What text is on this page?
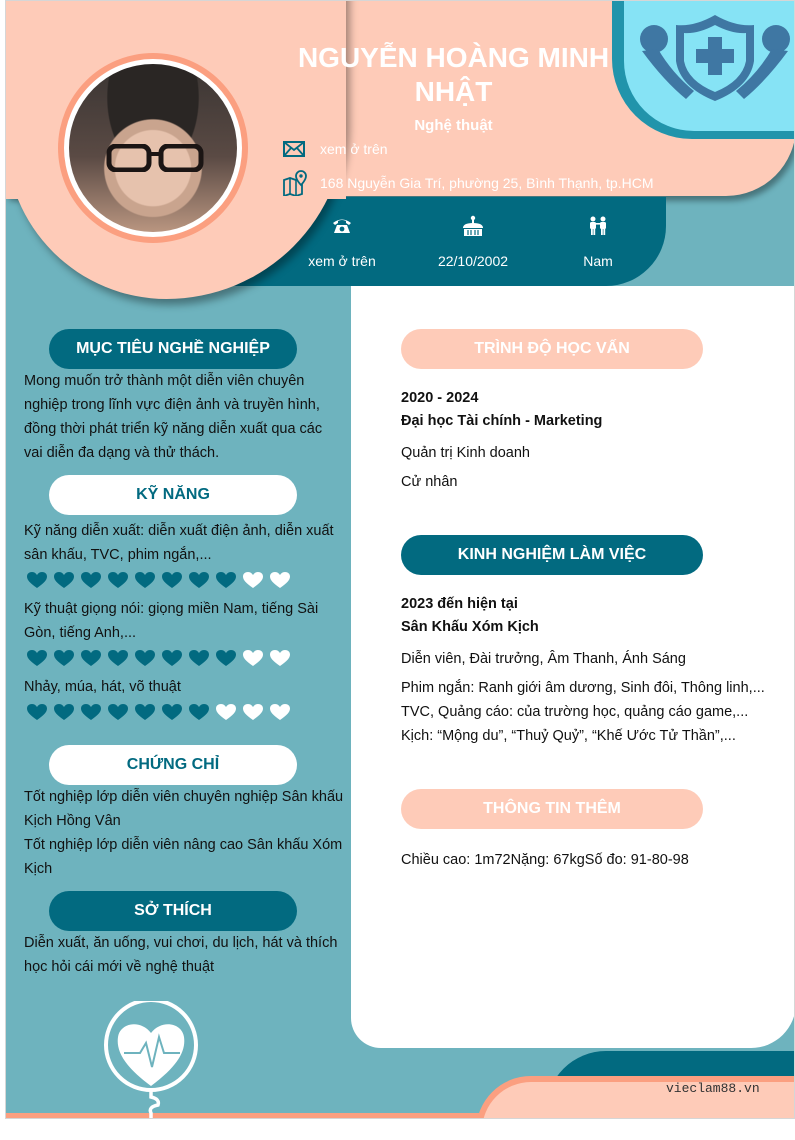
NGUYỄN HOÀNG MINH NHẬT
Nghệ thuật
xem ở trên
168 Nguyễn Gia Trí, phường 25, Bình Thạnh, tp.HCM
xem ở trên	22/10/2002	Nam
MỤC TIÊU NGHỀ NGHIỆP
Mong muốn trở thành một diễn viên chuyên nghiệp trong lĩnh vực điện ảnh và truyền hình, đồng thời phát triển kỹ năng diễn xuất qua các vai diễn đa dạng và thử thách.
KỸ NĂNG
Kỹ năng diễn xuất: diễn xuất điện ảnh, diễn xuất sân khấu, TVC, phim ngắn,...
Kỹ thuật giọng nói: giọng miền Nam, tiếng Sài Gòn, tiếng Anh,...
Nhảy, múa, hát, võ thuật
CHỨNG CHỈ
Tốt nghiệp lớp diễn viên chuyên nghiệp Sân khấu Kịch Hồng Vân
Tốt nghiệp lớp diễn viên nâng cao Sân khấu Xóm Kịch
SỞ THÍCH
Diễn xuất, ăn uống, vui chơi, du lịch, hát và thích học hỏi cái mới về nghệ thuật
TRÌNH ĐỘ HỌC VẤN
2020 - 2024
Đại học Tài chính - Marketing
Quản trị Kinh doanh
Cử nhân
KINH NGHIỆM LÀM VIỆC
2023 đến hiện tại
Sân Khấu Xóm Kịch
Diễn viên, Đài trưởng, Âm Thanh, Ánh Sáng
Phim ngắn: Ranh giới âm dương, Sinh đôi, Thông linh,...
TVC, Quảng cáo: của trường học, quảng cáo game,...
Kịch: “Mộng du”, “Thuỷ Quỷ”, “Khế Ước Tử Thần”,...
THÔNG TIN THÊM
Chiều cao: 1m72Nặng: 67kgSố đo: 91-80-98
vieclam88.vn
